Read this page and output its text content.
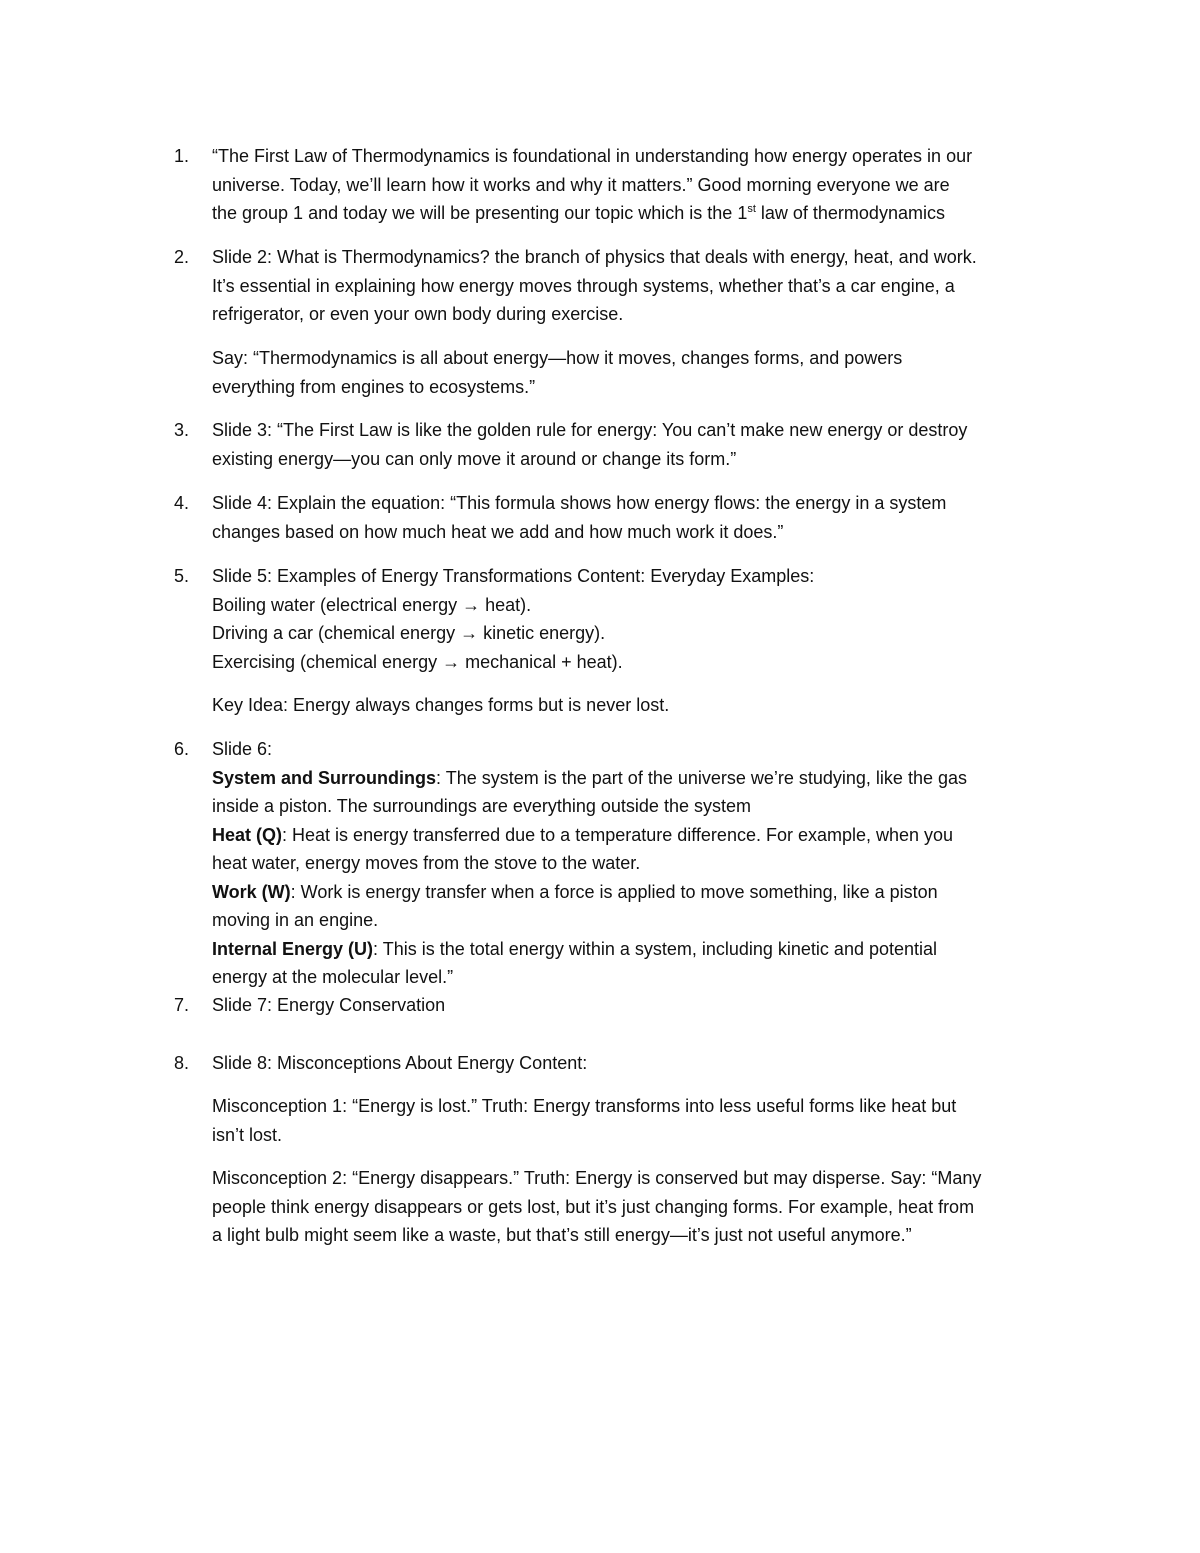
1. “The First Law of Thermodynamics is foundational in understanding how energy operates in our
universe. Today, we’ll learn how it works and why it matters.” Good morning everyone we are
the group 1 and today we will be presenting our topic which is the 1st law of thermodynamics
2. Slide 2: What is Thermodynamics? the branch of physics that deals with energy, heat, and work.
It’s essential in explaining how energy moves through systems, whether that’s a car engine, a
refrigerator, or even your own body during exercise.
Say: “Thermodynamics is all about energy—how it moves, changes forms, and powers
everything from engines to ecosystems.”
3. Slide 3: “The First Law is like the golden rule for energy: You can’t make new energy or destroy
existing energy—you can only move it around or change its form.”
4. Slide 4: Explain the equation: “This formula shows how energy flows: the energy in a system
changes based on how much heat we add and how much work it does.”
5. Slide 5: Examples of Energy Transformations Content: Everyday Examples:
Boiling water (electrical energy → heat).
Driving a car (chemical energy → kinetic energy).
Exercising (chemical energy → mechanical + heat).
Key Idea: Energy always changes forms but is never lost.
6. Slide 6:
System and Surroundings: The system is the part of the universe we’re studying, like the gas
inside a piston. The surroundings are everything outside the system
Heat (Q): Heat is energy transferred due to a temperature difference. For example, when you
heat water, energy moves from the stove to the water.
Work (W): Work is energy transfer when a force is applied to move something, like a piston
moving in an engine.
Internal Energy (U): This is the total energy within a system, including kinetic and potential
energy at the molecular level.”
7. Slide 7: Energy Conservation
8. Slide 8: Misconceptions About Energy Content:
Misconception 1: “Energy is lost.” Truth: Energy transforms into less useful forms like heat but
isn’t lost.
Misconception 2: “Energy disappears.” Truth: Energy is conserved but may disperse. Say: “Many
people think energy disappears or gets lost, but it’s just changing forms. For example, heat from
a light bulb might seem like a waste, but that’s still energy—it’s just not useful anymore.”
